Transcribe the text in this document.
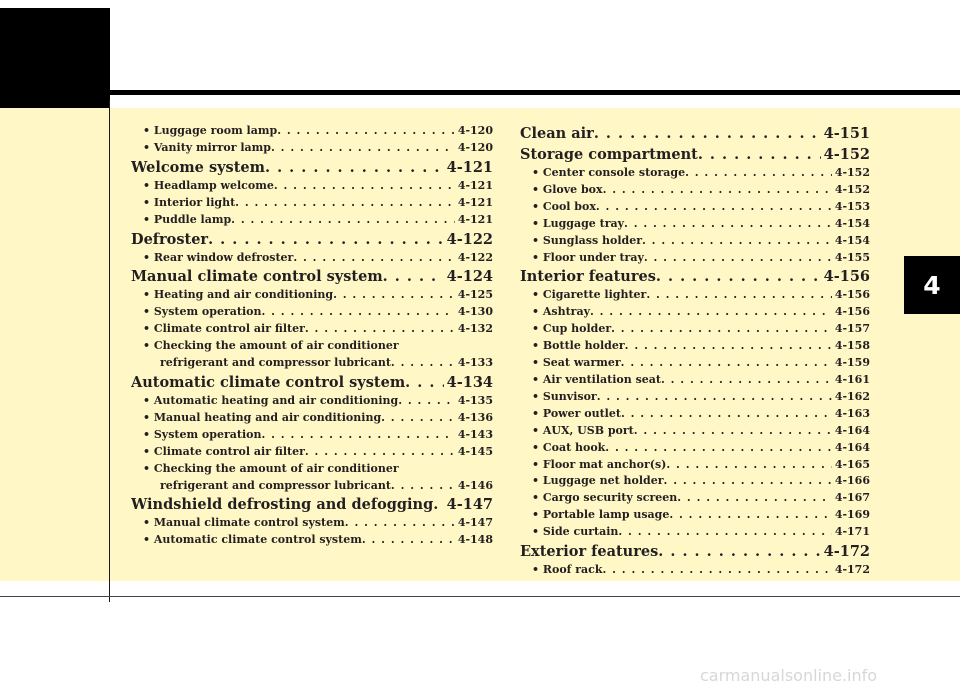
• Luggage room lamp . . .	4-120
• Vanity mirror lamp . . .	4-120
Welcome system . . .	4-121
• Headlamp welcome . . .	4-121
• Interior light . . .	4-121
• Puddle lamp . . .	4-121
Defroster . . .	4-122
• Rear window defroster . . .	4-122
Manual climate control system . . .	4-124
• Heating and air conditioning . . .	4-125
• System operation . . .	4-130
• Climate control air filter . . .	4-132
• Checking the amount of air conditioner
refrigerant and compressor lubricant . . .	4-133
Automatic climate control system . . .	4-134
• Automatic heating and air conditioning . . .	4-135
• Manual heating and air conditioning . . .	4-136
• System operation . . .	4-143
• Climate control air filter . . .	4-145
• Checking the amount of air conditioner
refrigerant and compressor lubricant . . .	4-146
Windshield defrosting and defogging . . . 4-147
• Manual climate control system . . .	4-147
• Automatic climate control system . . .	4-148
Clean air . . .	4-151
Storage compartment . . .	4-152
• Center console storage . . .	4-152
• Glove box . . .	4-152
• Cool box . . .	4-153
• Luggage tray . . .	4-154
• Sunglass holder . . .	4-154
• Floor under tray . . .	4-155
Interior features . . .	4-156
• Cigarette lighter . . .	4-156
• Ashtray . . .	4-156
• Cup holder . . .	4-157
• Bottle holder . . .	4-158
• Seat warmer . . .	4-159
• Air ventilation seat . . .	4-161
• Sunvisor . . .	4-162
• Power outlet . . .	4-163
• AUX, USB port . . .	4-164
• Coat hook . . .	4-164
• Floor mat anchor(s) . . .	4-165
• Luggage net holder . . .	4-166
• Cargo security screen . . .	4-167
• Portable lamp usage . . .	4-169
• Side curtain . . .	4-171
Exterior features . . .	4-172
• Roof rack . . .	4-172
4
carmanualsonline.info
